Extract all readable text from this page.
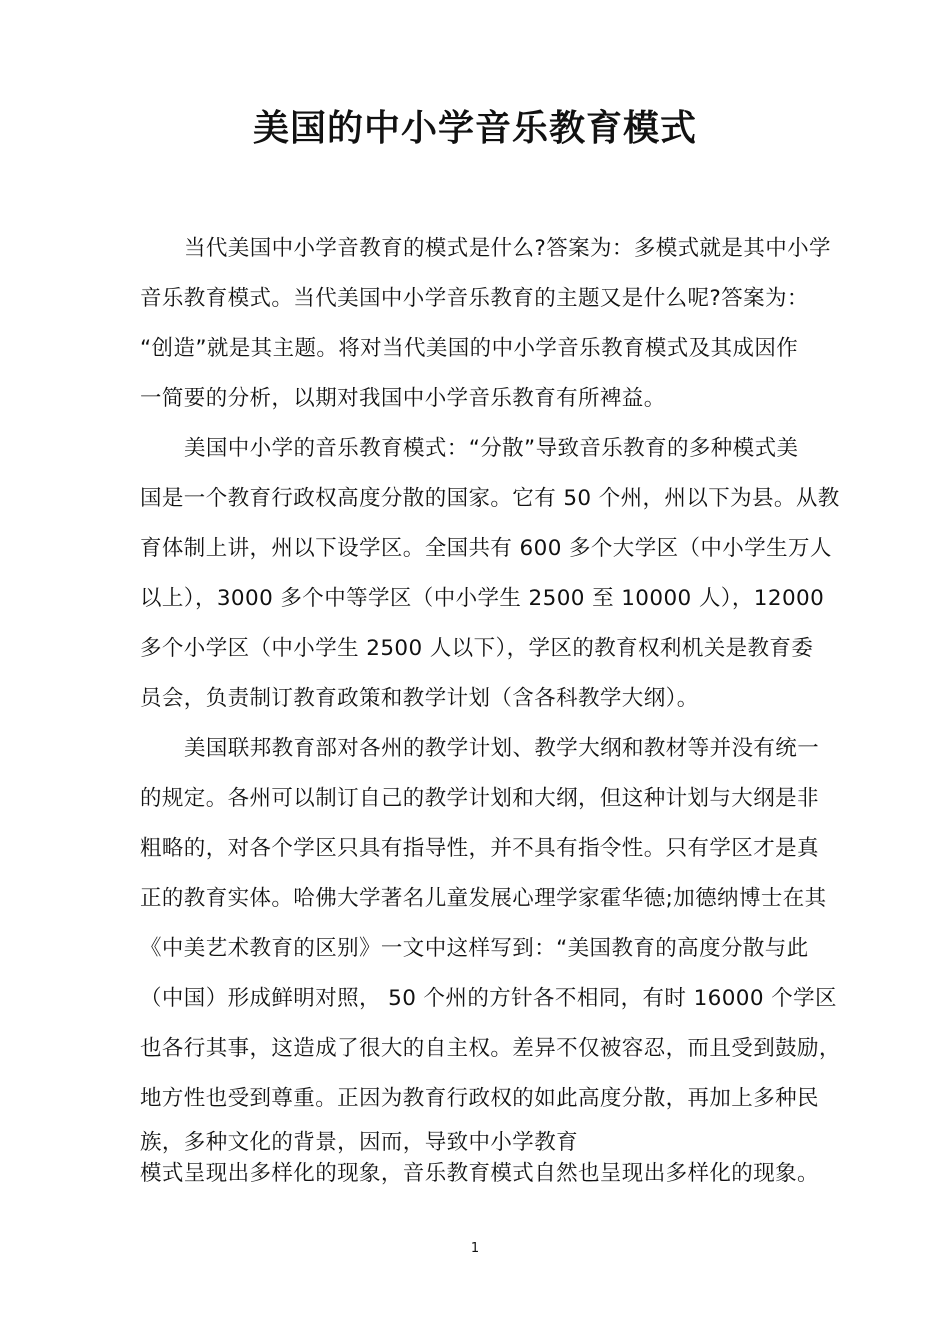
美国的中小学音乐教育模式
当代美国中小学音教育的模式是什么?答案为：多模式就是其中小学
音乐教育模式。当代美国中小学音乐教育的主题又是什么呢?答案为：
“创造”就是其主题。将对当代美国的中小学音乐教育模式及其成因作
一简要的分析，以期对我国中小学音乐教育有所裨益。
美国中小学的音乐教育模式：“分散”导致音乐教育的多种模式美
国是一个教育行政权高度分散的国家。它有 50 个州，州以下为县。从教
育体制上讲，州以下设学区。全国共有 600 多个大学区（中小学生万人
以上），3000 多个中等学区（中小学生 2500 至 10000 人），12000
多个小学区（中小学生 2500 人以下），学区的教育权利机关是教育委
员会，负责制订教育政策和教学计划（含各科教学大纲）。
美国联邦教育部对各州的教学计划、教学大纲和教材等并没有统一
的规定。各州可以制订自己的教学计划和大纲，但这种计划与大纲是非
粗略的，对各个学区只具有指导性，并不具有指令性。只有学区才是真
正的教育实体。哈佛大学著名儿童发展心理学家霍华德;加德纳博士在其
《中美艺术教育的区别》一文中这样写到：“美国教育的高度分散与此
（中国）形成鲜明对照， 50 个州的方针各不相同，有时 16000 个学区
也各行其事，这造成了很大的自主权。差异不仅被容忍，而且受到鼓励，
地方性也受到尊重。正因为教育行政权的如此高度分散，再加上多种民
族，多种文化的背景，因而，导致中小学教育
模式呈现出多样化的现象，音乐教育模式自然也呈现出多样化的现象。
1
